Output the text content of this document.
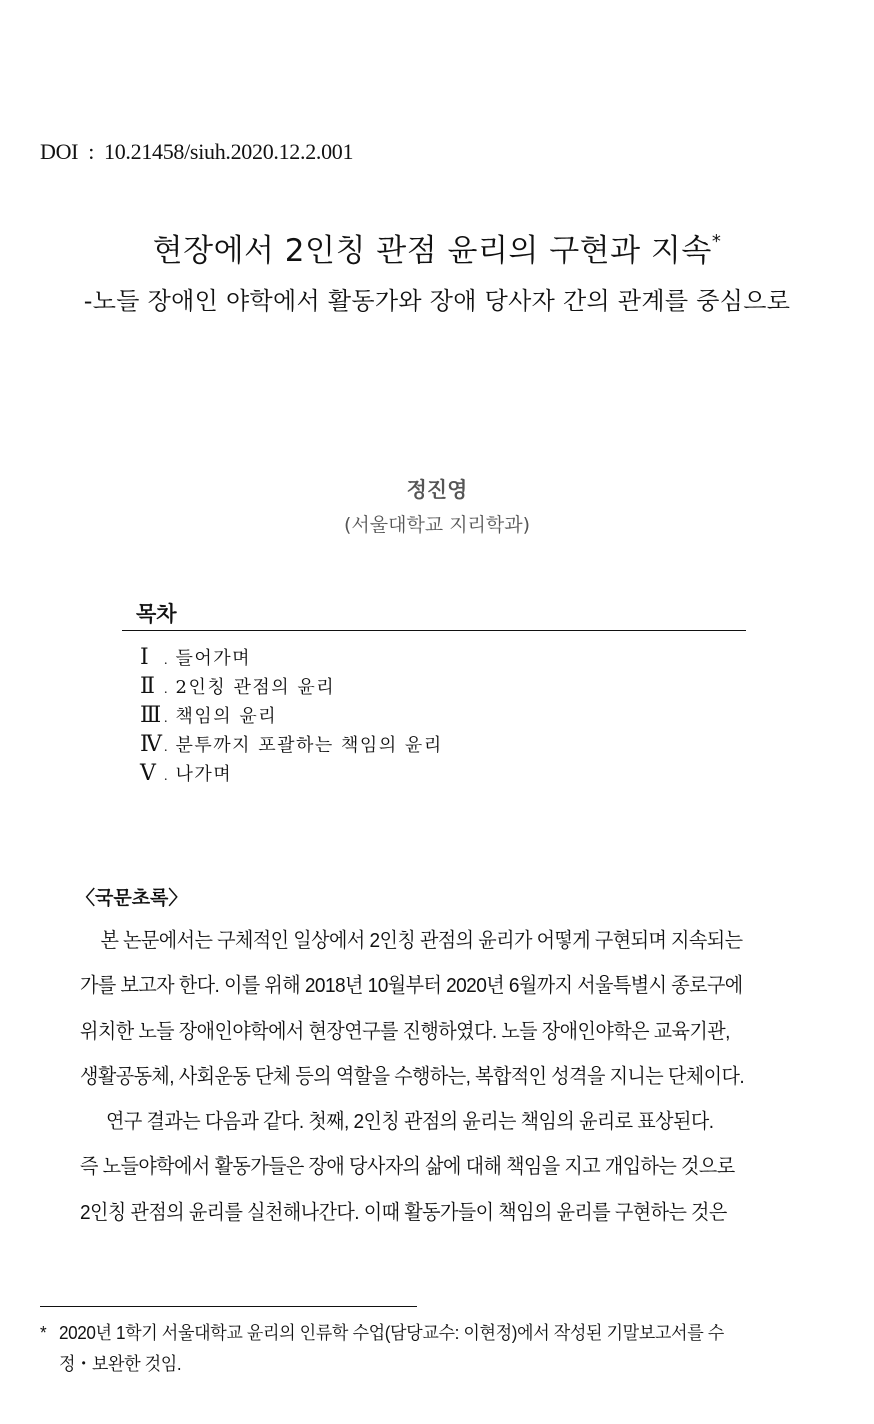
DOI : 10.21458/siuh.2020.12.2.001
현장에서 2인칭 관점 윤리의 구현과 지속*
-노들 장애인 야학에서 활동가와 장애 당사자 간의 관계를 중심으로
정진영
(서울대학교 지리학과)
목차
Ⅰ . 들어가며
Ⅱ . 2인칭 관점의 윤리
Ⅲ . 책임의 윤리
Ⅳ . 분투까지 포괄하는 책임의 윤리
Ⅴ . 나가며
〈국문초록〉
본 논문에서는 구체적인 일상에서 2인칭 관점의 윤리가 어떻게 구현되며 지속되는
가를 보고자 한다. 이를 위해 2018년 10월부터 2020년 6월까지 서울특별시 종로구에
위치한 노들 장애인야학에서 현장연구를 진행하였다. 노들 장애인야학은 교육기관,
생활공동체, 사회운동 단체 등의 역할을 수행하는, 복합적인 성격을 지니는 단체이다.
연구 결과는 다음과 같다. 첫째, 2인칭 관점의 윤리는 책임의 윤리로 표상된다.
즉 노들야학에서 활동가들은 장애 당사자의 삶에 대해 책임을 지고 개입하는 것으로
2인칭 관점의 윤리를 실천해나간다. 이때 활동가들이 책임의 윤리를 구현하는 것은
* 2020년 1학기 서울대학교 윤리의 인류학 수업(담당교수: 이현정)에서 작성된 기말보고서를 수
정・보완한 것임.
